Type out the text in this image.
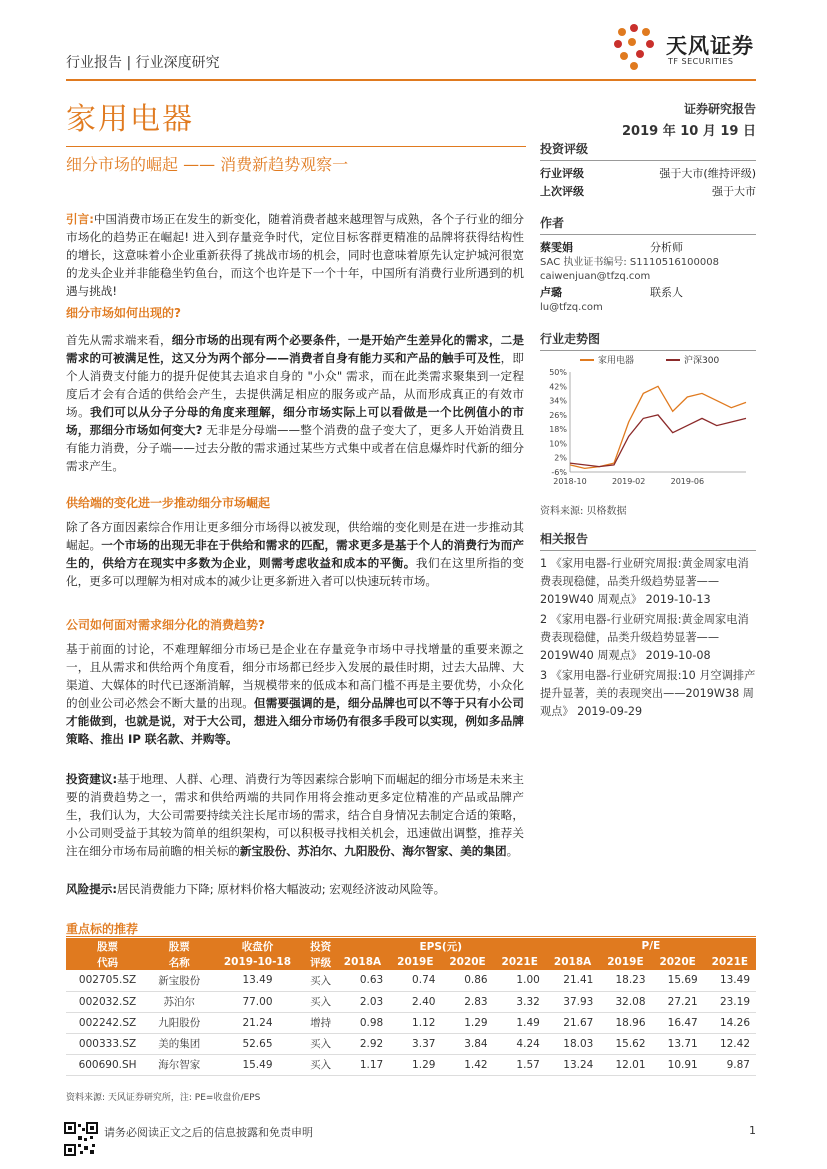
行业报告 | 行业深度研究
天风证券
TF SECURITIES
家用电器	证券研究报告
2019 年 10 月 19 日
细分市场的崛起 —— 消费新趋势观察一
引言:中国消费市场正在发生的新变化，随着消费者越来越理智与成熟，各个子行业的细分市场化的趋势正在崛起! 进入到存量竞争时代，定位目标客群更精准的品牌将获得结构性的增长，这意味着小企业重新获得了挑战市场的机会，同时也意味着原先认定护城河很宽的龙头企业并非能稳坐钓鱼台，而这个也许是下一个十年，中国所有消费行业所遇到的机遇与挑战!
细分市场如何出现的?
首先从需求端来看，细分市场的出现有两个必要条件，一是开始产生差异化的需求，二是需求的可被满足性，这又分为两个部分——消费者自身有能力买和产品的触手可及性，即个人消费支付能力的提升促使其去追求自身的 "小众" 需求，而在此类需求聚集到一定程度后才会有合适的供给会产生，去提供满足相应的服务或产品，从而形成真正的有效市场。我们可以从分子分母的角度来理解，细分市场实际上可以看做是一个比例值小的市场，那细分市场如何变大? 无非是分母端——整个消费的盘子变大了，更多人开始消费且有能力消费，分子端——过去分散的需求通过某些方式集中或者在信息爆炸时代新的细分需求产生。
供给端的变化进一步推动细分市场崛起
除了各方面因素综合作用让更多细分市场得以被发现，供给端的变化则是在进一步推动其崛起。一个市场的出现无非在于供给和需求的匹配，需求更多是基于个人的消费行为而产生的，供给方在现实中多数为企业，则需考虑收益和成本的平衡。我们在这里所指的变化，更多可以理解为相对成本的减少让更多新进入者可以快速玩转市场。
公司如何面对需求细分化的消费趋势?
基于前面的讨论，不难理解细分市场已是企业在存量竞争市场中寻找增量的重要来源之一，且从需求和供给两个角度看，细分市场都已经步入发展的最佳时期，过去大品牌、大渠道、大媒体的时代已逐渐消解，当规模带来的低成本和高门槛不再是主要优势，小众化的创业公司必然会不断大量的出现。但需要强调的是，细分品牌也可以不等于只有小公司才能做到，也就是说，对于大公司，想进入细分市场仍有很多手段可以实现，例如多品牌策略、推出 IP 联名款、并购等。
投资建议:基于地理、人群、心理、消费行为等因素综合影响下而崛起的细分市场是未来主要的消费趋势之一，需求和供给两端的共同作用将会推动更多定位精准的产品或品牌产生，我们认为，大公司需要持续关注长尾市场的需求，结合自身情况去制定合适的策略，小公司则受益于其较为简单的组织架构，可以积极寻找相关机会，迅速做出调整，推荐关注在细分市场布局前瞻的相关标的新宝股份、苏泊尔、九阳股份、海尔智家、美的集团。
风险提示:居民消费能力下降; 原材料价格大幅波动; 宏观经济波动风险等。
投资评级
行业评级	强于大市(维持评级)
上次评级	强于大市
作者
蔡雯娟	分析师
SAC 执业证书编号: S1110516100008
caiwenjuan@tfzq.com
卢璐	联系人
lu@tfzq.com
行业走势图
-6%
2%
10%
18%
26%
34%
42%
50%
2018-10	2019-02	2019-06
家用电器	沪深300
资料来源: 贝格数据
相关报告
1 《家用电器-行业研究周报:黄金周家电消费表现稳健，品类升级趋势显著——2019W40 周观点》 2019-10-13
2 《家用电器-行业研究周报:黄金周家电消费表现稳健，品类升级趋势显著——2019W40 周观点》 2019-10-08
3 《家用电器-行业研究周报:10 月空调排产提升显著，美的表现突出——2019W38 周观点》 2019-09-29
重点标的推荐
股票	股票	收盘价	投资	EPS(元)				P/E			
代码	名称	2019-10-18	评级	2018A	2019E	2020E	2021E	2018A	2019E	2020E	2021E
002705.SZ	新宝股份	13.49	买入	0.63	0.74	0.86	1.00	21.41	18.23	15.69	13.49
002032.SZ	苏泊尔	77.00	买入	2.03	2.40	2.83	3.32	37.93	32.08	27.21	23.19
002242.SZ	九阳股份	21.24	增持	0.98	1.12	1.29	1.49	21.67	18.96	16.47	14.26
000333.SZ	美的集团	52.65	买入	2.92	3.37	3.84	4.24	18.03	15.62	13.71	12.42
600690.SH	海尔智家	15.49	买入	1.17	1.29	1.42	1.57	13.24	12.01	10.91	9.87
资料来源: 天风证券研究所，注: PE=收盘价/EPS
请务必阅读正文之后的信息披露和免责申明	1
